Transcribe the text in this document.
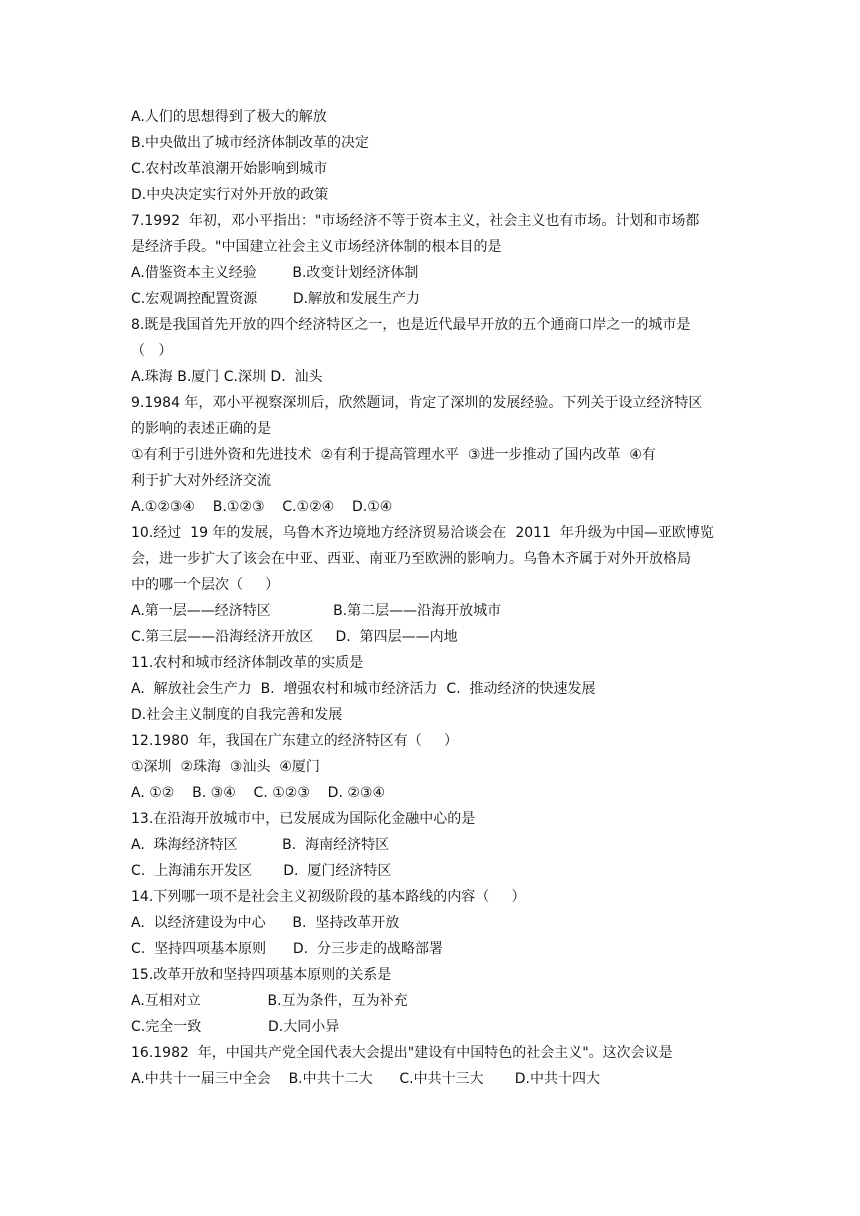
A.人们的思想得到了极大的解放
B.中央做出了城市经济体制改革的决定
C.农村改革浪潮开始影响到城市
D.中央决定实行对外开放的政策
7.1992  年初，邓小平指出："市场经济不等于资本主义，社会主义也有市场。计划和市场都
是经济手段。"中国建立社会主义市场经济体制的根本目的是
A.借鉴资本主义经验        B.改变计划经济体制
C.宏观调控配置资源        D.解放和发展生产力
8.既是我国首先开放的四个经济特区之一，也是近代最早开放的五个通商口岸之一的城市是
（   ）
A.珠海 B.厦门 C.深圳 D.  汕头
9.1984 年，邓小平视察深圳后，欣然题词，肯定了深圳的发展经验。下列关于设立经济特区
的影响的表述正确的是
①有利于引进外资和先进技术  ②有利于提高管理水平  ③进一步推动了国内改革  ④有
利于扩大对外经济交流
A.①②③④    B.①②③    C.①②④    D.①④
10.经过  19 年的发展，乌鲁木齐边境地方经济贸易洽谈会在  2011  年升级为中国—亚欧博览
会，进一步扩大了该会在中亚、西亚、南亚乃至欧洲的影响力。乌鲁木齐属于对外开放格局
中的哪一个层次（     ）
A.第一层——经济特区              B.第二层——沿海开放城市
C.第三层——沿海经济开放区     D.  第四层——内地
11.农村和城市经济体制改革的实质是
A.  解放社会生产力  B.  增强农村和城市经济活力  C.  推动经济的快速发展
D.社会主义制度的自我完善和发展
12.1980  年，我国在广东建立的经济特区有（     ）
①深圳  ②珠海  ③汕头  ④厦门
A. ①②    B. ③④    C. ①②③    D. ②③④
13.在沿海开放城市中，已发展成为国际化金融中心的是
A.  珠海经济特区          B.  海南经济特区
C.  上海浦东开发区       D.  厦门经济特区
14.下列哪一项不是社会主义初级阶段的基本路线的内容（     ）
A.  以经济建设为中心      B.  坚持改革开放
C.  坚持四项基本原则      D.  分三步走的战略部署
15.改革开放和坚持四项基本原则的关系是
A.互相对立               B.互为条件，互为补充
C.完全一致               D.大同小异
16.1982  年，中国共产党全国代表大会提出"建设有中国特色的社会主义"。这次会议是
A.中共十一届三中全会    B.中共十二大      C.中共十三大       D.中共十四大
